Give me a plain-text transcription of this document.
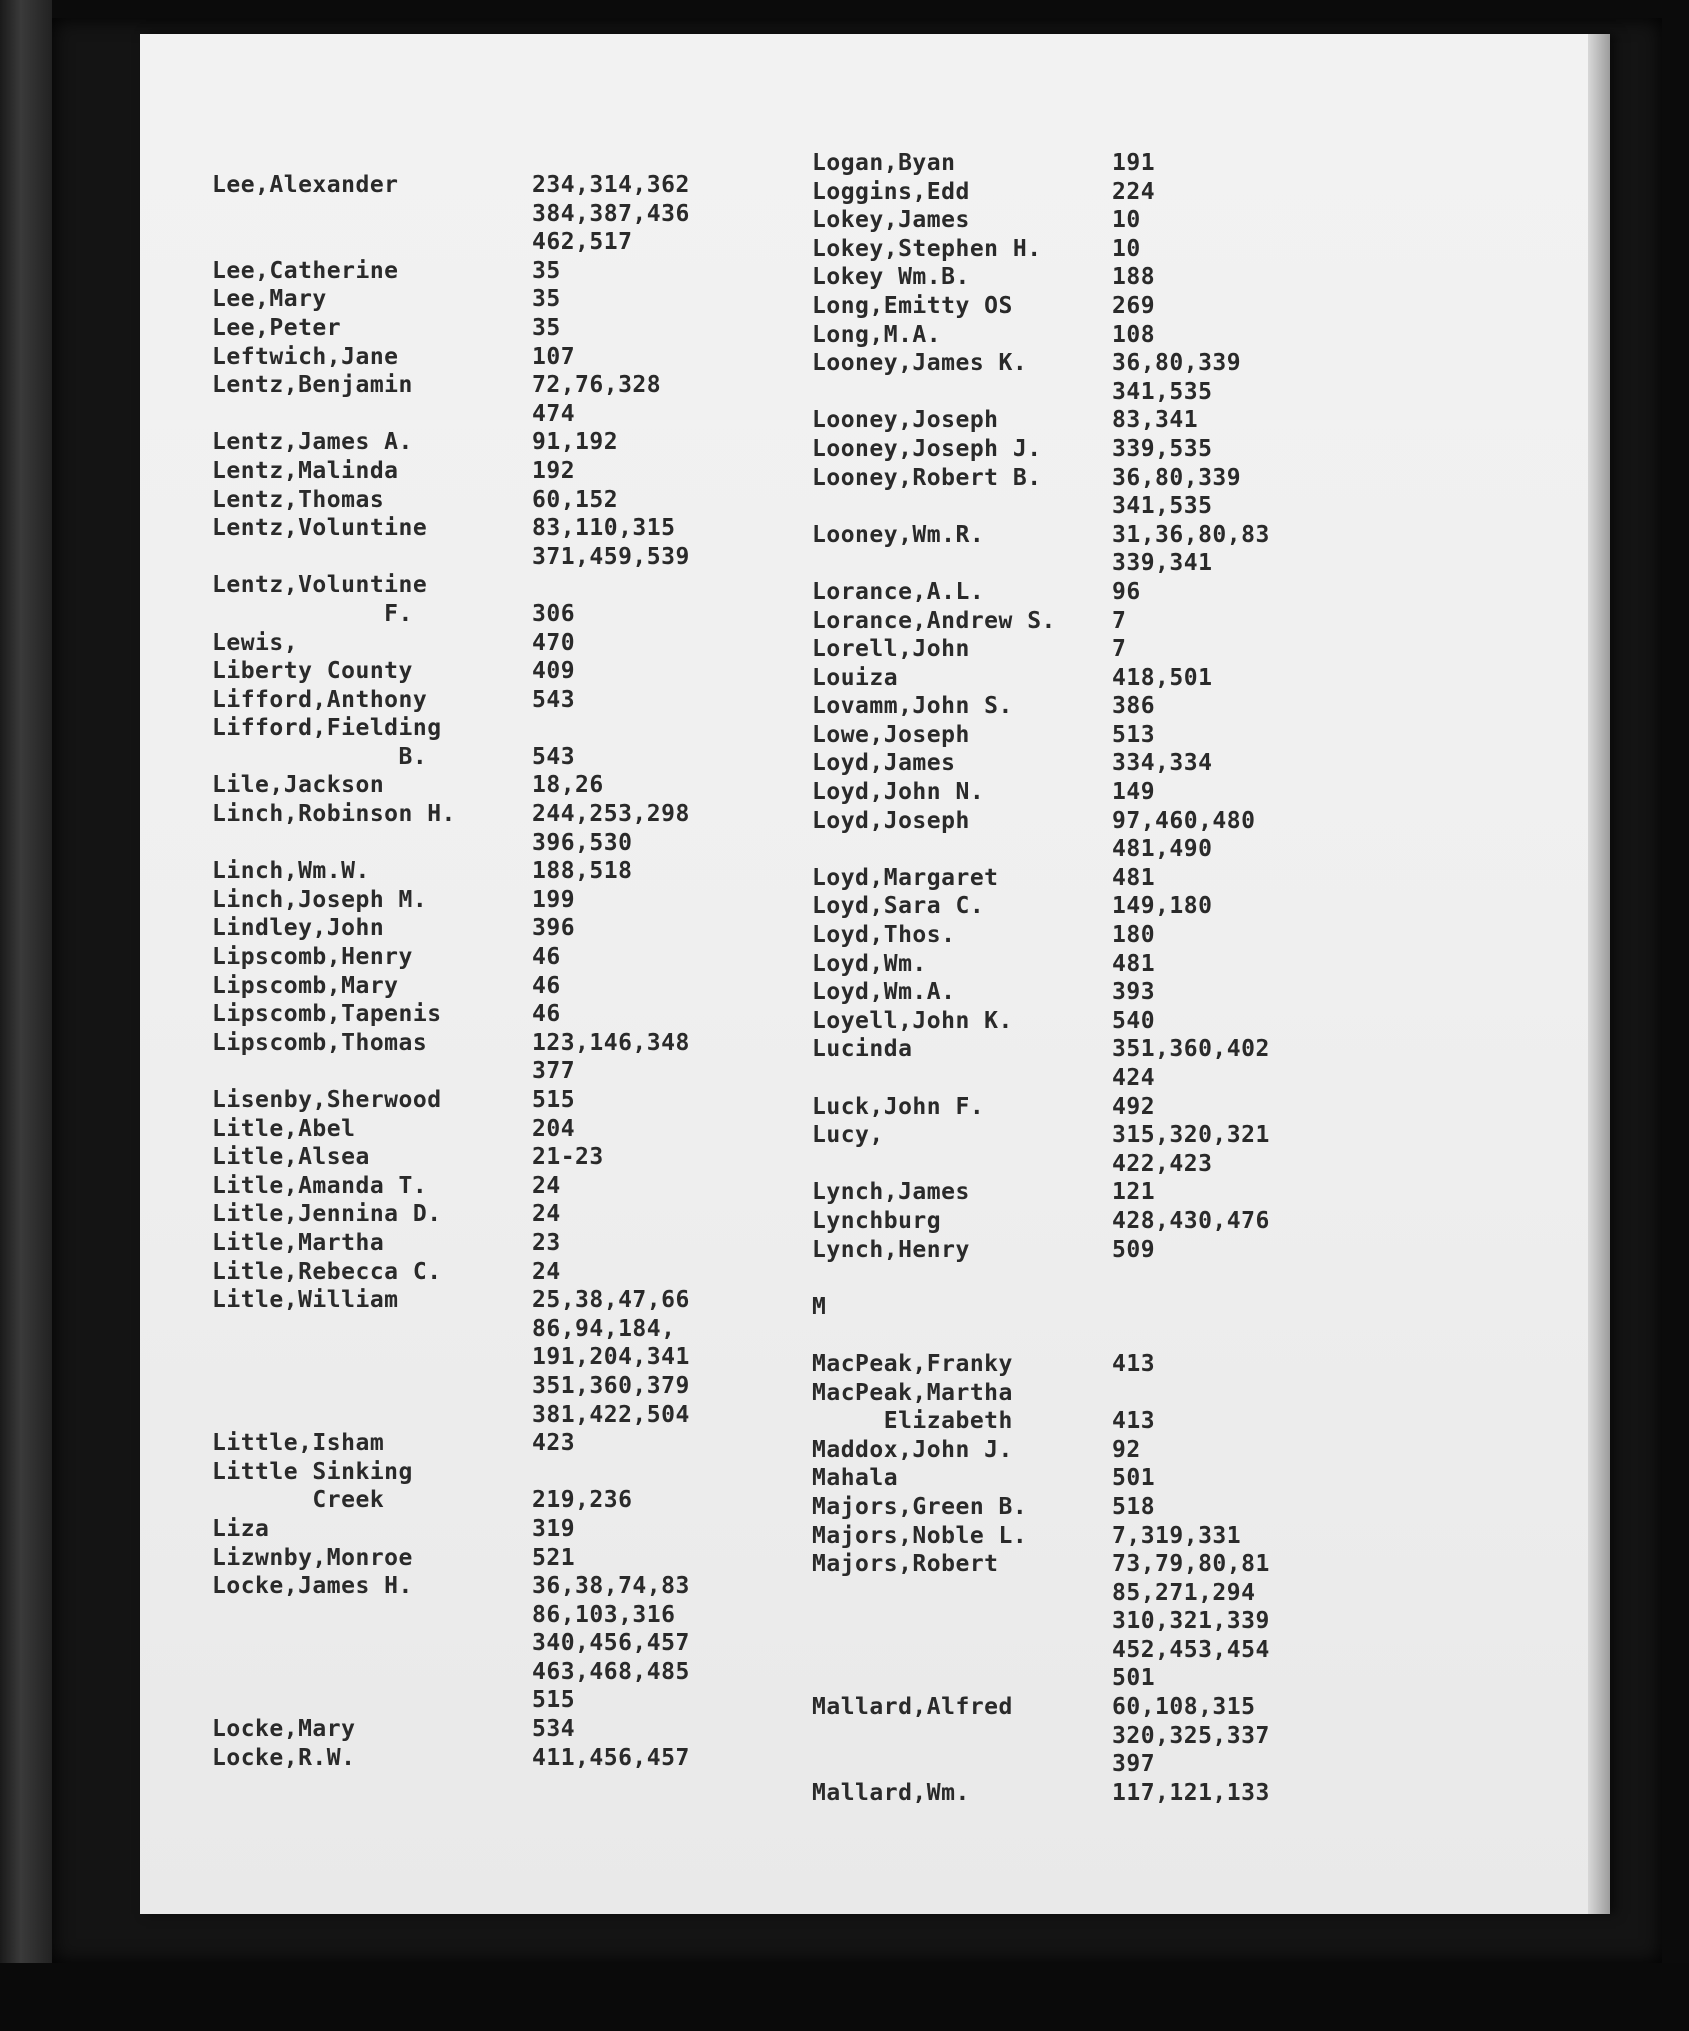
Lee,Alexander	234,314,362
384,387,436
462,517
Lee,Catherine	35
Lee,Mary	35
Lee,Peter	35
Leftwich,Jane	107
Lentz,Benjamin	72,76,328
474
Lentz,James A.	91,192
Lentz,Malinda	192
Lentz,Thomas	60,152
Lentz,Voluntine	83,110,315
371,459,539
Lentz,Voluntine
F.	306
Lewis,	470
Liberty County	409
Lifford,Anthony	543
Lifford,Fielding
B.	543
Lile,Jackson	18,26
Linch,Robinson H.	244,253,298
396,530
Linch,Wm.W.	188,518
Linch,Joseph M.	199
Lindley,John	396
Lipscomb,Henry	46
Lipscomb,Mary	46
Lipscomb,Tapenis	46
Lipscomb,Thomas	123,146,348
377
Lisenby,Sherwood	515
Litle,Abel	204
Litle,Alsea	21-23
Litle,Amanda T.	24
Litle,Jennina D.	24
Litle,Martha	23
Litle,Rebecca C.	24
Litle,William	25,38,47,66
86,94,184,
191,204,341
351,360,379
381,422,504
Little,Isham	423
Little Sinking
Creek	219,236
Liza	319
Lizwnby,Monroe	521
Locke,James H.	36,38,74,83
86,103,316
340,456,457
463,468,485
515
Locke,Mary	534
Locke,R.W.	411,456,457
Logan,Byan	191
Loggins,Edd	224
Lokey,James	10
Lokey,Stephen H.	10
Lokey Wm.B.	188
Long,Emitty OS	269
Long,M.A.	108
Looney,James K.	36,80,339
341,535
Looney,Joseph	83,341
Looney,Joseph J.	339,535
Looney,Robert B.	36,80,339
341,535
Looney,Wm.R.	31,36,80,83
339,341
Lorance,A.L.	96
Lorance,Andrew S.	7
Lorell,John	7
Louiza	418,501
Lovamm,John S.	386
Lowe,Joseph	513
Loyd,James	334,334
Loyd,John N.	149
Loyd,Joseph	97,460,480
481,490
Loyd,Margaret	481
Loyd,Sara C.	149,180
Loyd,Thos.	180
Loyd,Wm.	481
Loyd,Wm.A.	393
Loyell,John K.	540
Lucinda	351,360,402
424
Luck,John F.	492
Lucy,	315,320,321
422,423
Lynch,James	121
Lynchburg	428,430,476
Lynch,Henry	509
M
MacPeak,Franky	413
MacPeak,Martha
Elizabeth	413
Maddox,John J.	92
Mahala	501
Majors,Green B.	518
Majors,Noble L.	7,319,331
Majors,Robert	73,79,80,81
85,271,294
310,321,339
452,453,454
501
Mallard,Alfred	60,108,315
320,325,337
397
Mallard,Wm.	117,121,133
